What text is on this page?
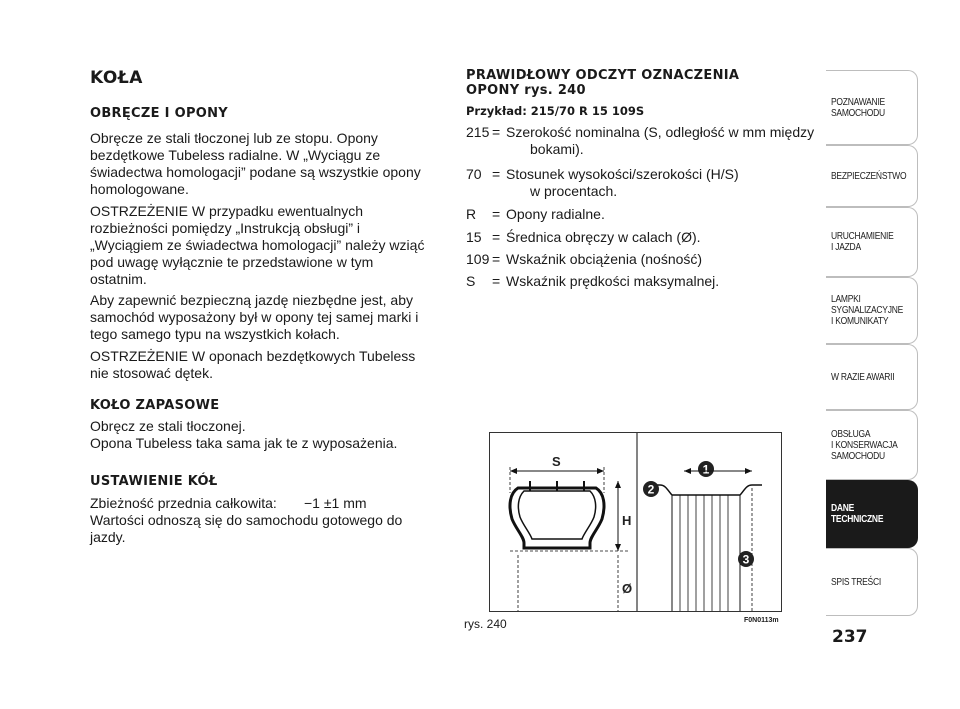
KOŁA
OBRĘCZE I OPONY
Obręcze ze stali tłoczonej lub ze stopu. Opony bezdętkowe Tubeless radialne. W „Wyciągu ze świadectwa homologacji” podane są wszystkie opony homologowane.
OSTRZEŻENIE W przypadku ewentualnych rozbieżności pomiędzy „Instrukcją obsługi” i „Wyciągiem ze świadectwa homologacji” należy wziąć pod uwagę wyłącznie te przedstawione w tym ostatnim.
Aby zapewnić bezpieczną jazdę niezbędne jest, aby samochód wyposażony był w opony tej samej marki i tego samego typu na wszystkich kołach.
OSTRZEŻENIE W oponach bezdętkowych Tubeless nie stosować dętek.
KOŁO ZAPASOWE
Obręcz ze stali tłoczonej.
Opona Tubeless taka sama jak te z wyposażenia.
USTAWIENIE KÓŁ
Zbieżność przednia całkowita: −1 ±1 mm
Wartości odnoszą się do samochodu gotowego do jazdy.
PRAWIDŁOWY ODCZYT OZNACZENIA
OPONY rys. 240
Przykład: 215/70 R 15 109S
215 = Szerokość nominalna (S, odległość w mm między
bokami).
70 = Stosunek wysokości/szerokości (H/S)
w procentach.
R	= Opony radialne.
15 = Średnica obręczy w calach (Ø).
109 = Wskaźnik obciążenia (nośność)
S	= Wskaźnik prędkości maksymalnej.
S
H
Ø
1
2
3
rys. 240	F0N0113m
POZNAWANIE
SAMOCHODU
BEZPIECZEŃSTWO
URUCHAMIENIE
I JAZDA
LAMPKI
SYGNALIZACYJNE
I KOMUNIKATY
W RAZIE AWARII
OBSŁUGA
I KONSERWACJA
SAMOCHODU
DANE
TECHNICZNE
SPIS TREŚCI
237
